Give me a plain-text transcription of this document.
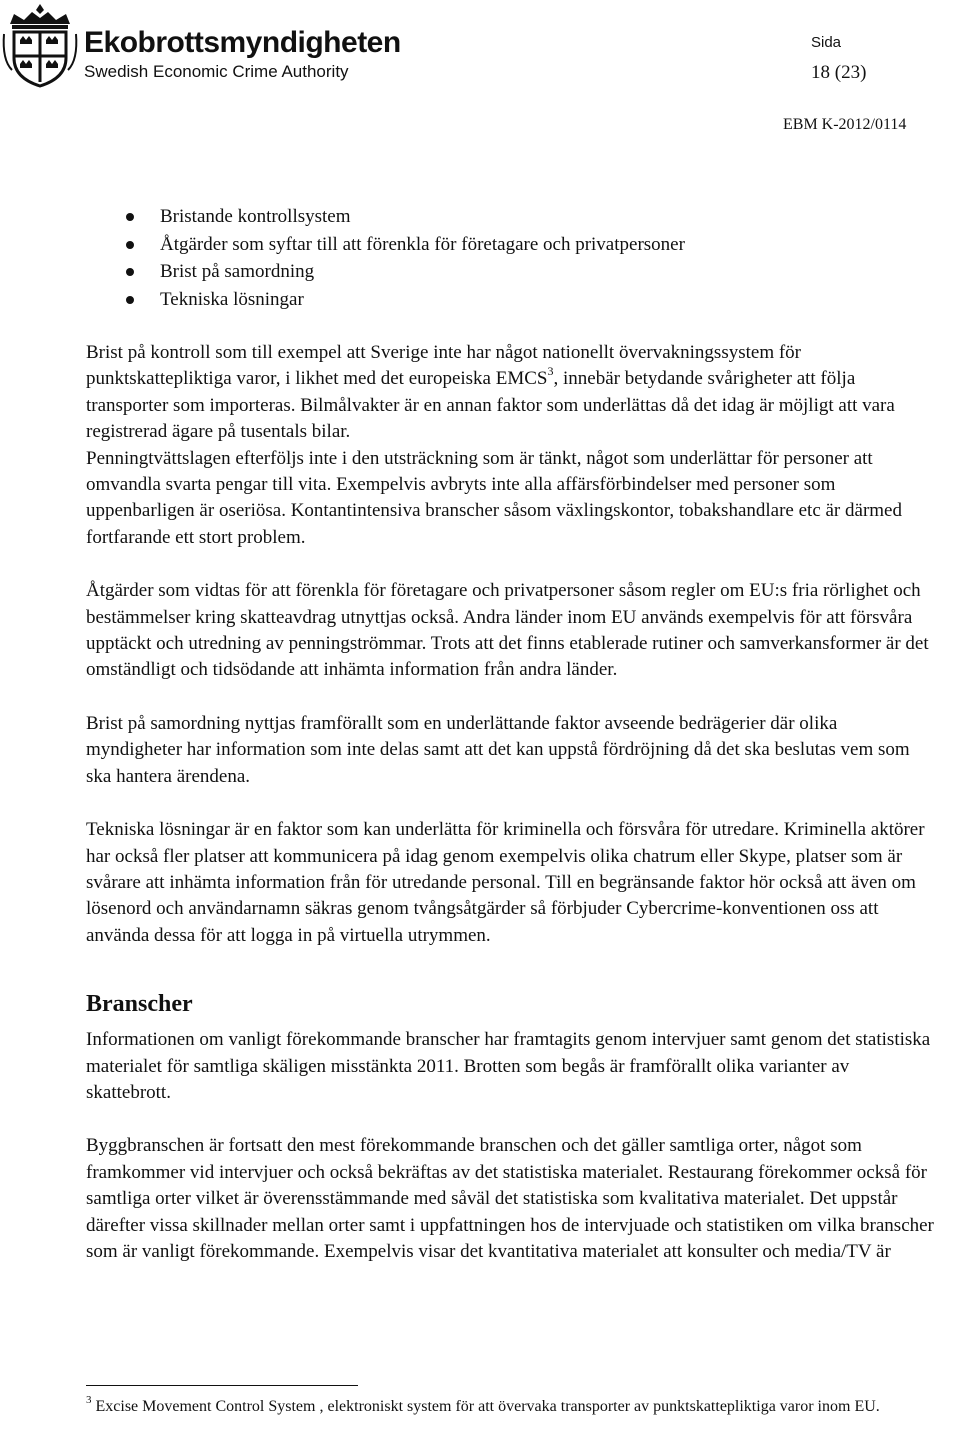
Ekobrottsmyndigheten
Swedish Economic Crime Authority
Sida
18 (23)
EBM K-2012/0114
Bristande kontrollsystem
Åtgärder som syftar till att förenkla för företagare och privatpersoner
Brist på samordning
Tekniska lösningar

Brist på kontroll som till exempel att Sverige inte har något nationellt övervakningssystem för punktskattepliktiga varor, i likhet med det europeiska EMCS$^3$, innebär betydande svårigheter att följa transporter som importeras. Bilmålvakter är en annan faktor som underlättas då det idag är möjligt att vara registrerad ägare på tusentals bilar.

Penningtvättslagen efterföljs inte i den utsträckning som är tänkt, något som underlättar för personer att omvandla svarta pengar till vita. Exempelvis avbryts inte alla affärsförbindelser med personer som uppenbarligen är oseriösa. Kontantintensiva branscher såsom växlingskontor, tobakshandlare etc är därmed fortfarande ett stort problem.

Åtgärder som vidtas för att förenkla för företagare och privatpersoner såsom regler om EU:s fria rörlighet och bestämmelser kring skatteavdrag utnyttjas också. Andra länder inom EU används exempelvis för att försvåra upptäckt och utredning av penningströmmar. Trots att det finns etablerade rutiner och samverkansformer är det omständligt och tidsödande att inhämta information från andra länder.

Brist på samordning nyttjas framförallt som en underlättande faktor avseende bedrägerier där olika myndigheter har information som inte delas samt att det kan uppstå fördröjning då det ska beslutas vem som ska hantera ärendena.

Tekniska lösningar är en faktor som kan underlätta för kriminella och försvåra för utredare. Kriminella aktörer har också fler platser att kommunicera på idag genom exempelvis olika chatrum eller Skype, platser som är svårare att inhämta information från för utredande personal. Till en begränsande faktor hör också att även om lösenord och användarnamn säkras genom tvångsåtgärder så förbjuder Cybercrime-konventionen oss att använda dessa för att logga in på virtuella utrymmen.

Branscher

Informationen om vanligt förekommande branscher har framtagits genom intervjuer samt genom det statistiska materialet för samtliga skäligen misstänkta 2011. Brotten som begås är framförallt olika varianter av skattebrott.

Byggbranschen är fortsatt den mest förekommande branschen och det gäller samtliga orter, något som framkommer vid intervjuer och också bekräftas av det statistiska materialet. Restaurang förekommer också för samtliga orter vilket är överensstämmande med såväl det statistiska som kvalitativa materialet. Det uppstår därefter vissa skillnader mellan orter samt i uppfattningen hos de intervjuade och statistiken om vilka branscher som är vanligt förekommande. Exempelvis visar det kvantitativa materialet att konsulter och media/TV är

$^3$ Excise Movement Control System , elektroniskt system för att övervaka transporter av punktskattepliktiga varor inom EU.
